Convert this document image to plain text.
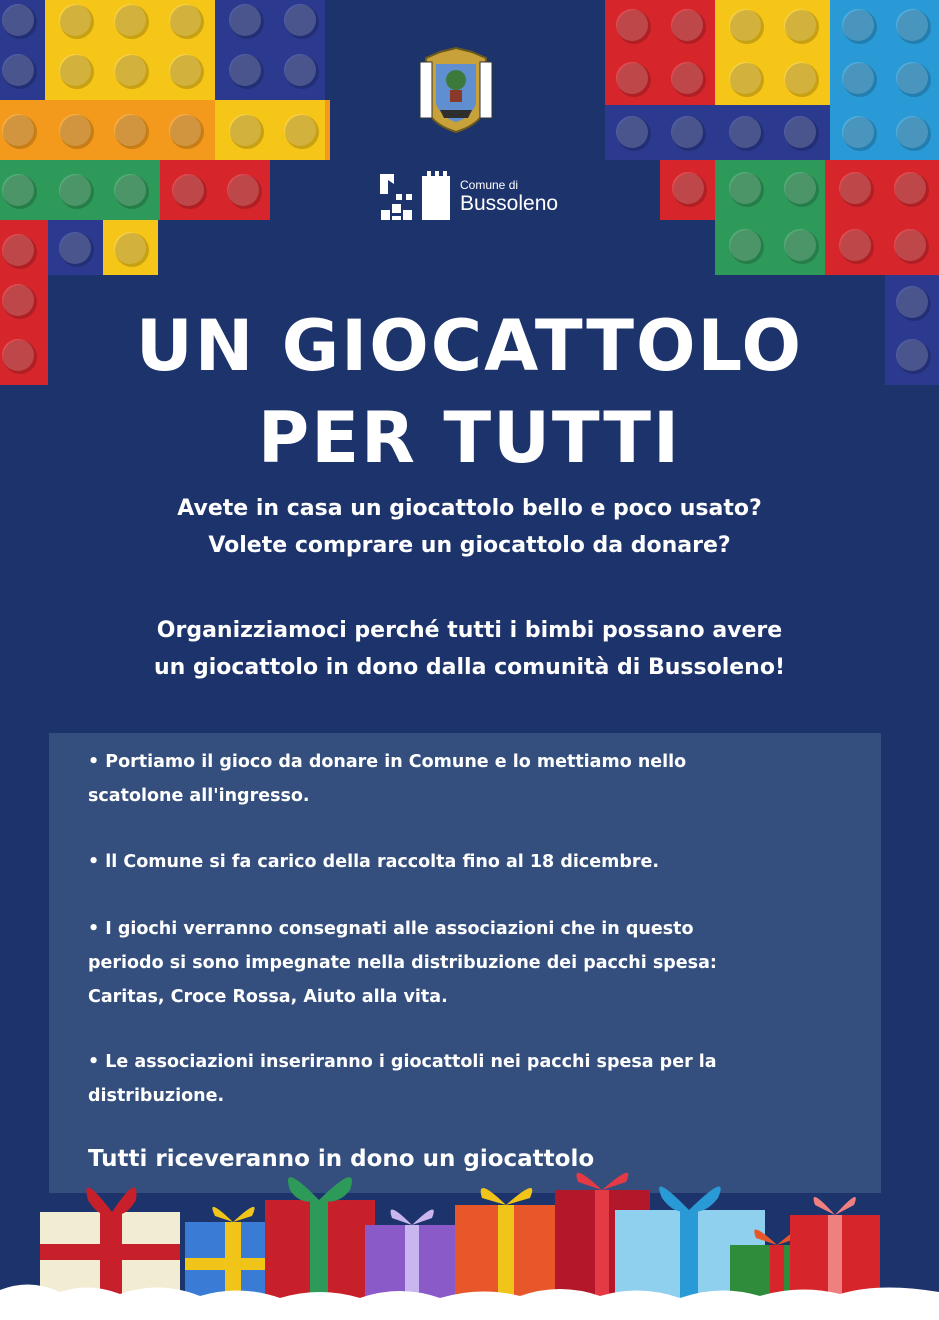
Comune di
Bussoleno
UN GIOCATTOLO
PER TUTTI
Avete in casa un giocattolo bello e poco usato?
Volete comprare un giocattolo da donare?
Organizziamoci perché tutti i bimbi possano avere
un giocattolo in dono dalla comunità di Bussoleno!
• Portiamo il gioco da donare in Comune e lo mettiamo nello
scatolone all'ingresso.
• ll Comune si fa carico della raccolta fino al 18 dicembre.
• I giochi verranno consegnati alle associazioni che in questo
periodo si sono impegnate nella distribuzione dei pacchi spesa:
Caritas, Croce Rossa, Aiuto alla vita.
• Le associazioni inseriranno i giocattoli nei pacchi spesa per la
distribuzione.
Tutti riceveranno in dono un giocattolo
